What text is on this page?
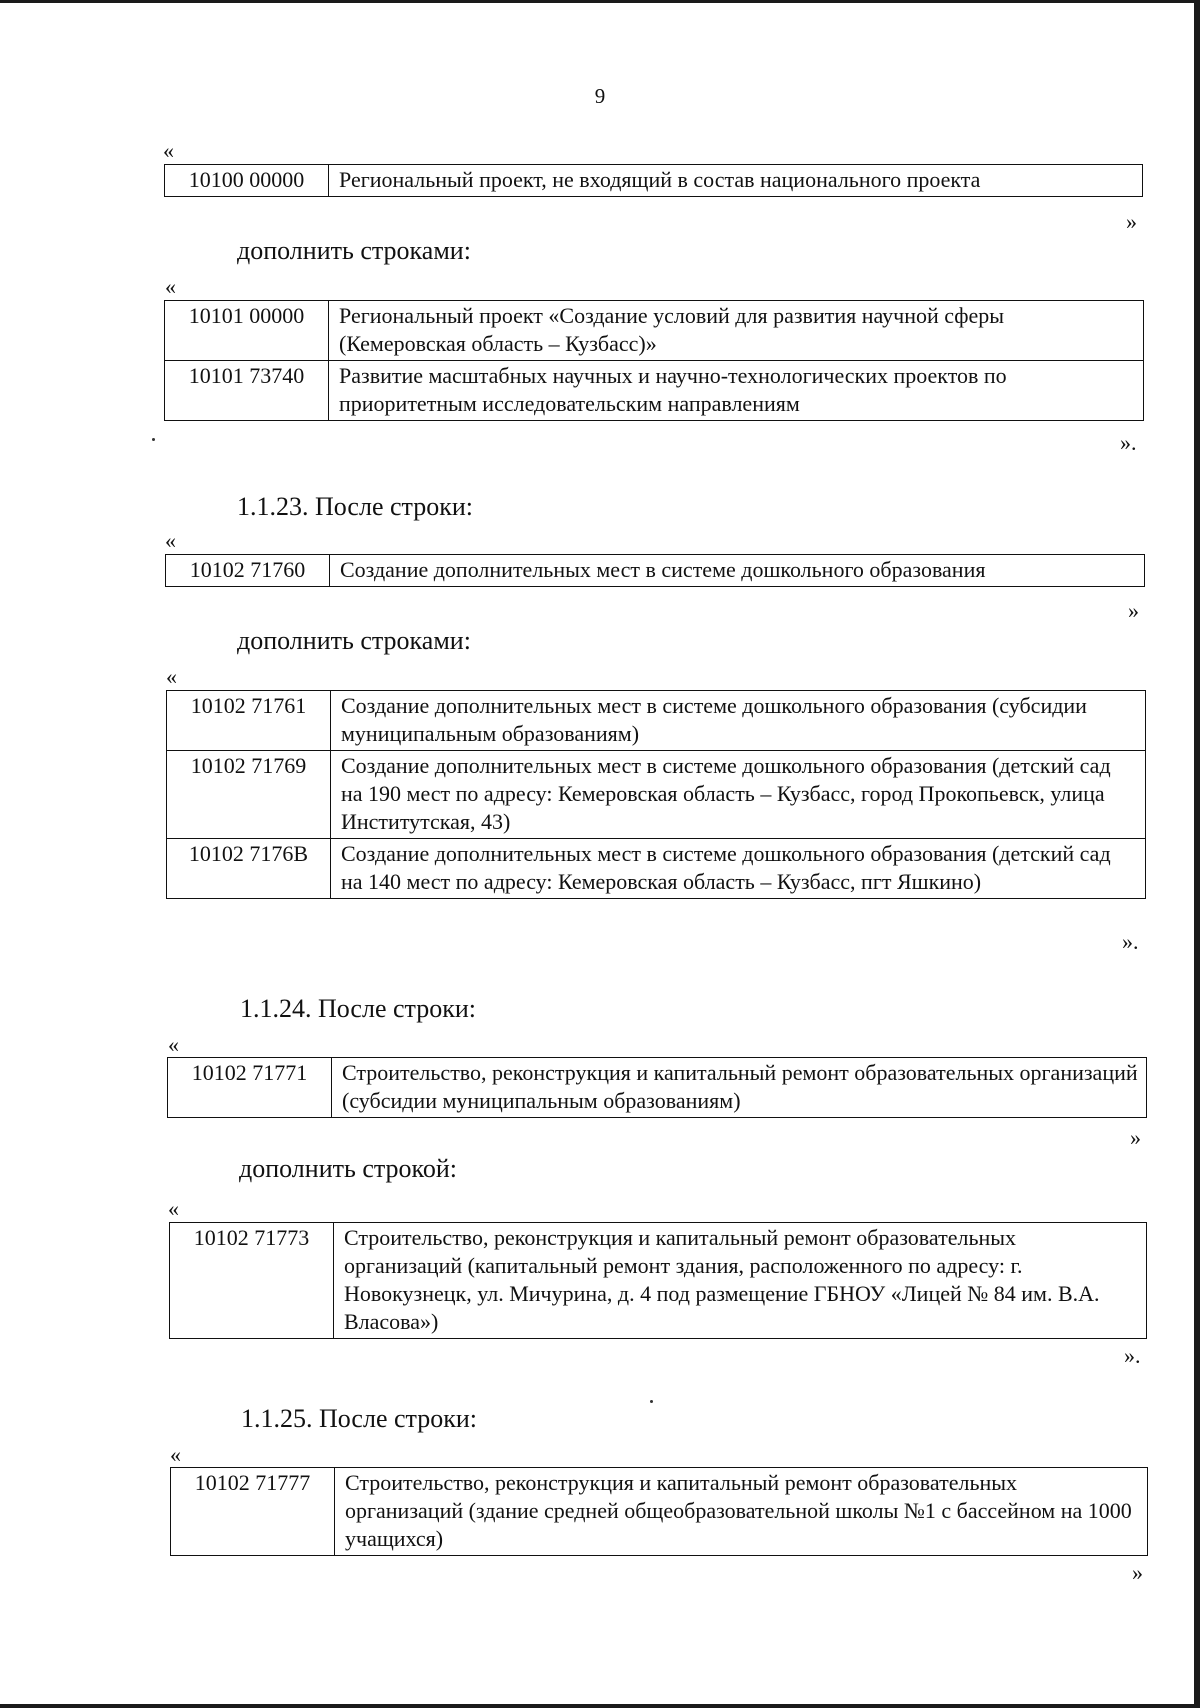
9
«
10100 00000	Региональный проект, не входящий в состав национального проекта
»
дополнить строками:
«
10101 00000	Региональный проект «Создание условий для развития научной сферы (Кемеровская область – Кузбасс)»
10101 73740	Развитие масштабных научных и научно-технологических проектов по приоритетным исследовательским направлениям
».
1.1.23. После строки:
«
10102 71760	Создание дополнительных мест в системе дошкольного образования
»
дополнить строками:
«
10102 71761	Создание дополнительных мест в системе дошкольного образования (субсидии муниципальным образованиям)
10102 71769	Создание дополнительных мест в системе дошкольного образования (детский сад на 190 мест по адресу: Кемеровская область – Кузбасс, город Прокопьевск, улица Институтская, 43)
10102 7176В	Создание дополнительных мест в системе дошкольного образования (детский сад на 140 мест по адресу: Кемеровская область – Кузбасс, пгт Яшкино)
».
1.1.24. После строки:
«
10102 71771	Строительство, реконструкция и капитальный ремонт образовательных организаций (субсидии муниципальным образованиям)
»
дополнить строкой:
«
10102 71773	Строительство, реконструкция и капитальный ремонт образовательных организаций (капитальный ремонт здания, расположенного по адресу: г. Новокузнецк, ул. Мичурина, д. 4 под размещение ГБНОУ «Лицей № 84 им. В.А. Власова»)
».
1.1.25. После строки:
«
10102 71777	Строительство, реконструкция и капитальный ремонт образовательных организаций (здание средней общеобразовательной школы №1 с бассейном на 1000 учащихся)
»
